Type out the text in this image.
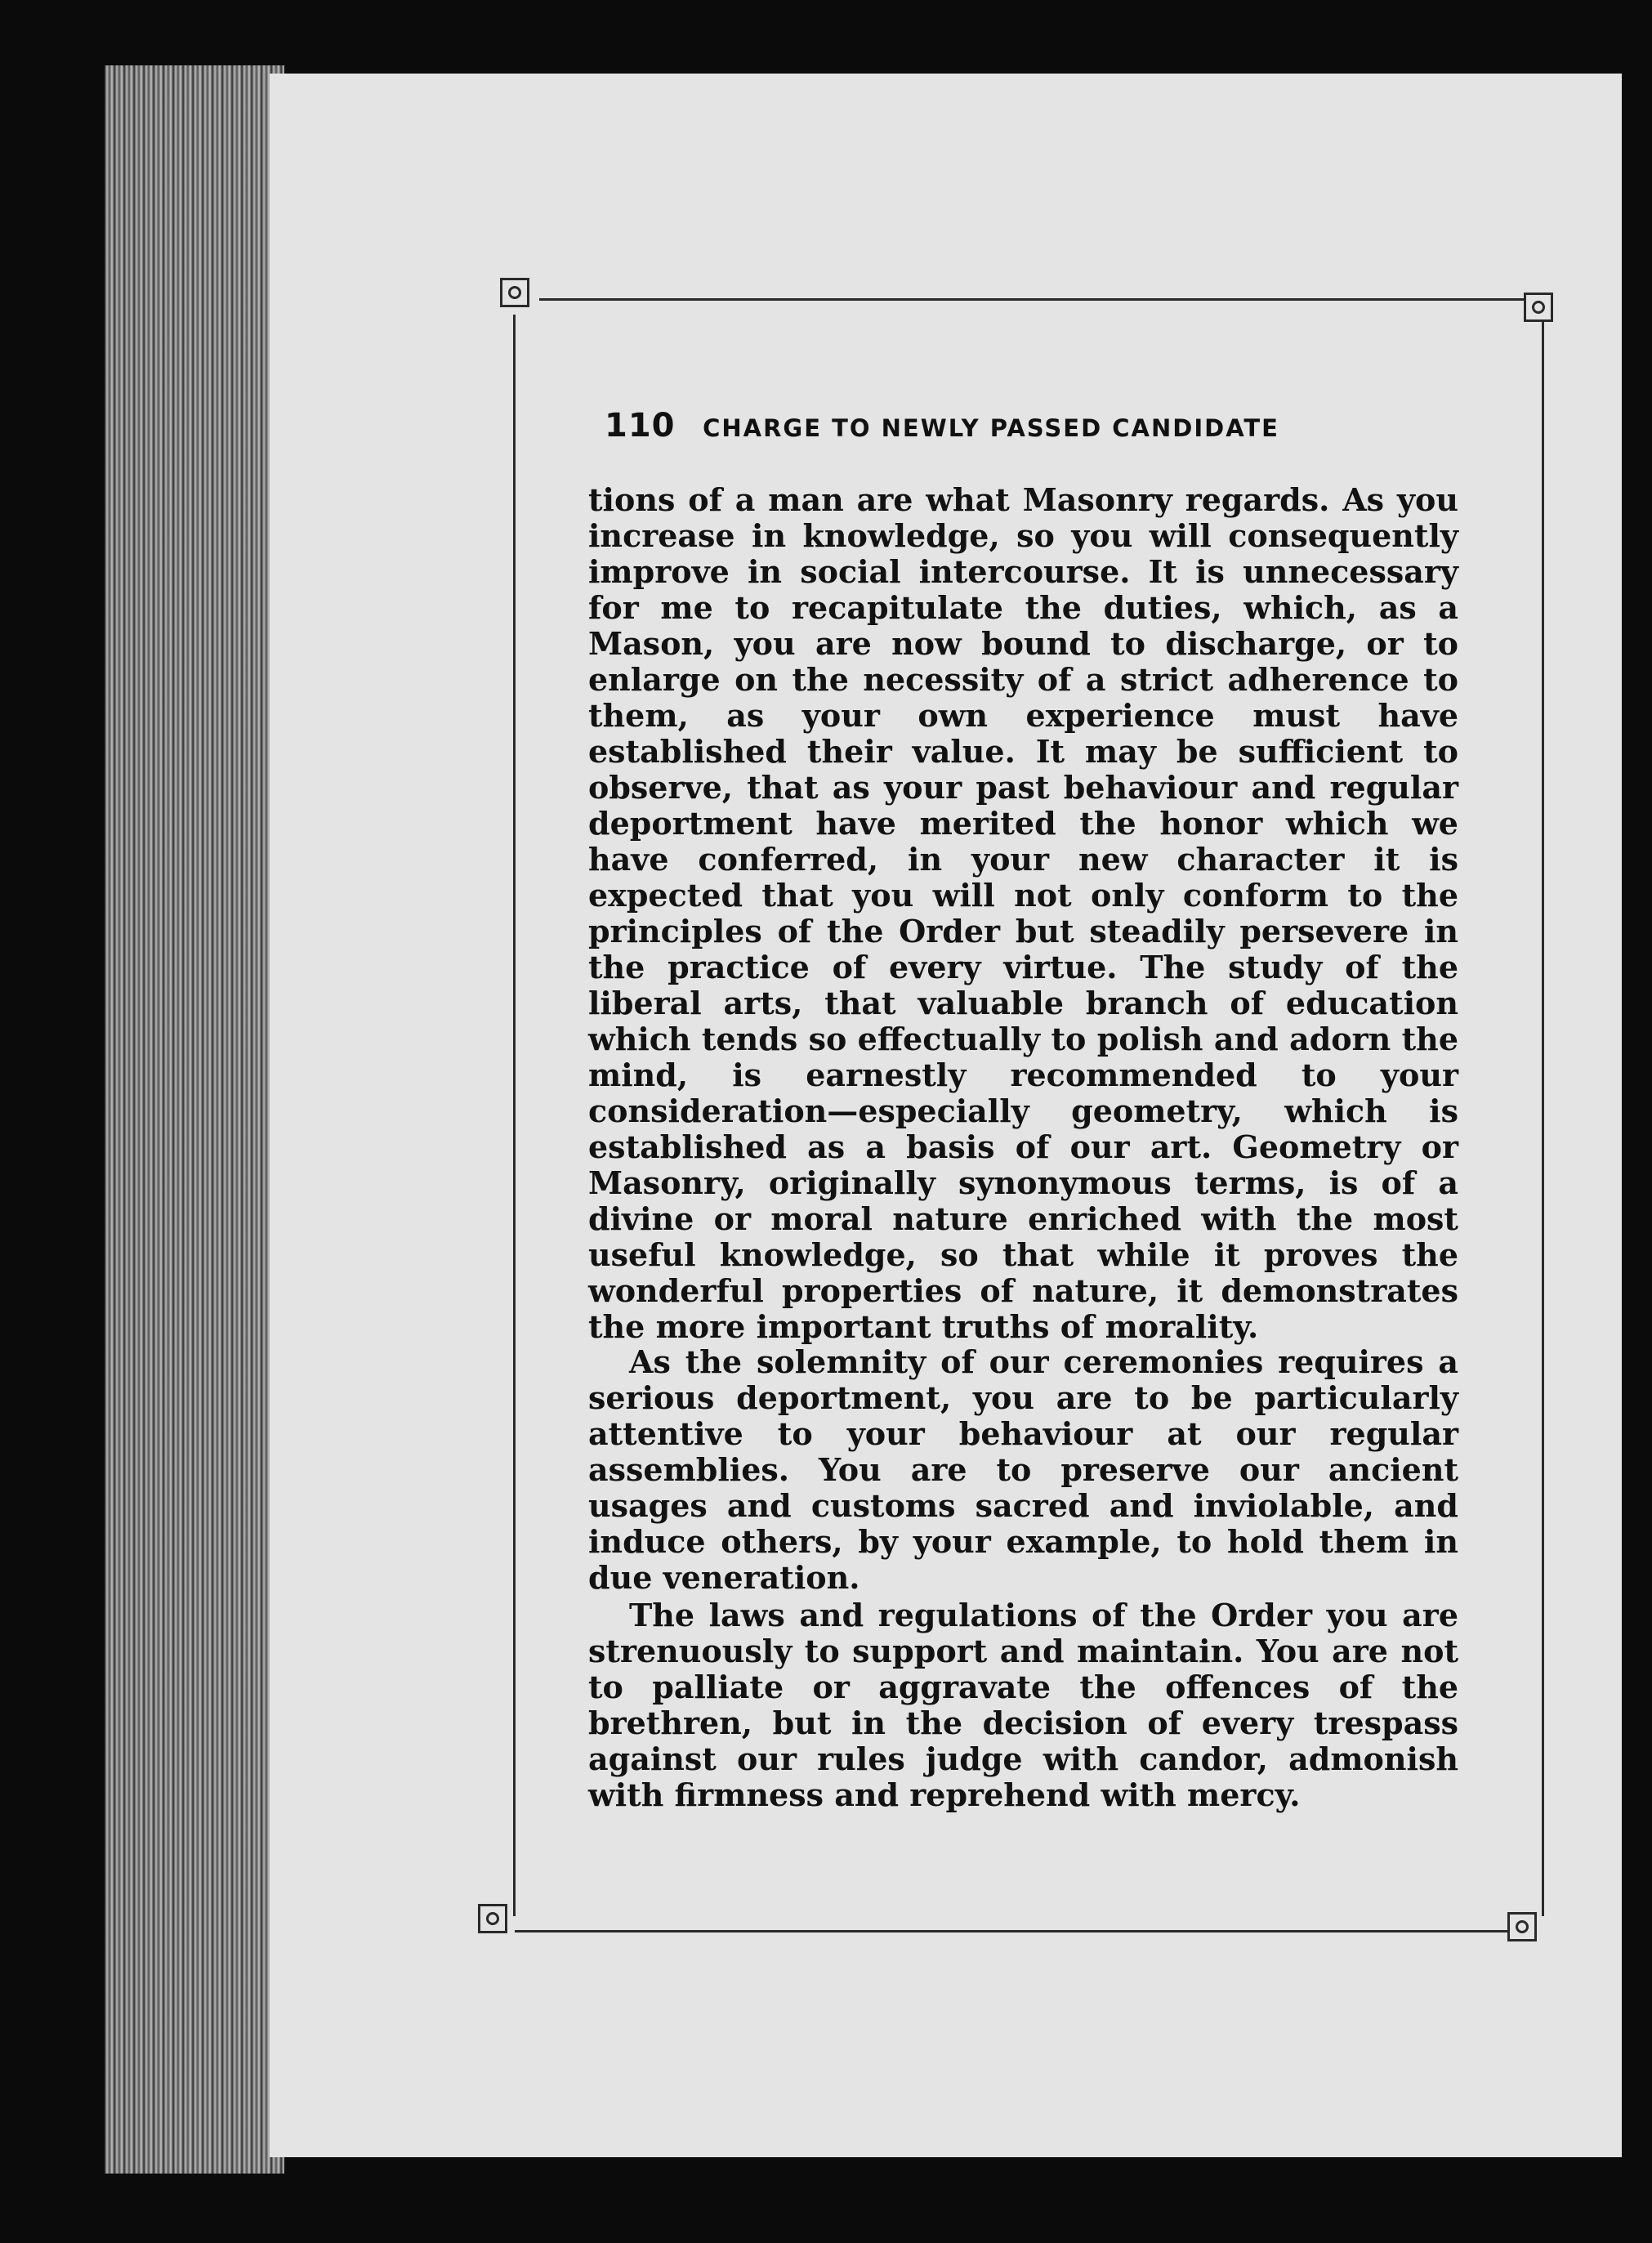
110 CHARGE TO NEWLY PASSED CANDIDATE
tions of a man are what Masonry regards. As you increase in knowledge, so you will consequently improve in social intercourse. It is unnecessary for me to recapitulate the duties, which, as a Mason, you are now bound to discharge, or to enlarge on the necessity of a strict adherence to them, as your own experience must have established their value. It may be sufficient to observe, that as your past behaviour and regular deportment have merited the honor which we have conferred, in your new character it is expected that you will not only conform to the principles of the Order but steadily persevere in the practice of every virtue. The study of the liberal arts, that valuable branch of education which tends so effectually to polish and adorn the mind, is earnestly recommended to your consideration—especially geometry, which is established as a basis of our art. Geometry or Masonry, originally synonymous terms, is of a divine or moral nature enriched with the most useful knowledge, so that while it proves the wonderful properties of nature, it demonstrates the more important truths of morality.
As the solemnity of our ceremonies requires a serious deportment, you are to be particularly attentive to your behaviour at our regular assemblies. You are to preserve our ancient usages and customs sacred and inviolable, and induce others, by your example, to hold them in due veneration.
The laws and regulations of the Order you are strenuously to support and maintain. You are not to palliate or aggravate the offences of the brethren, but in the decision of every trespass against our rules judge with candor, admonish with firmness and reprehend with mercy.
